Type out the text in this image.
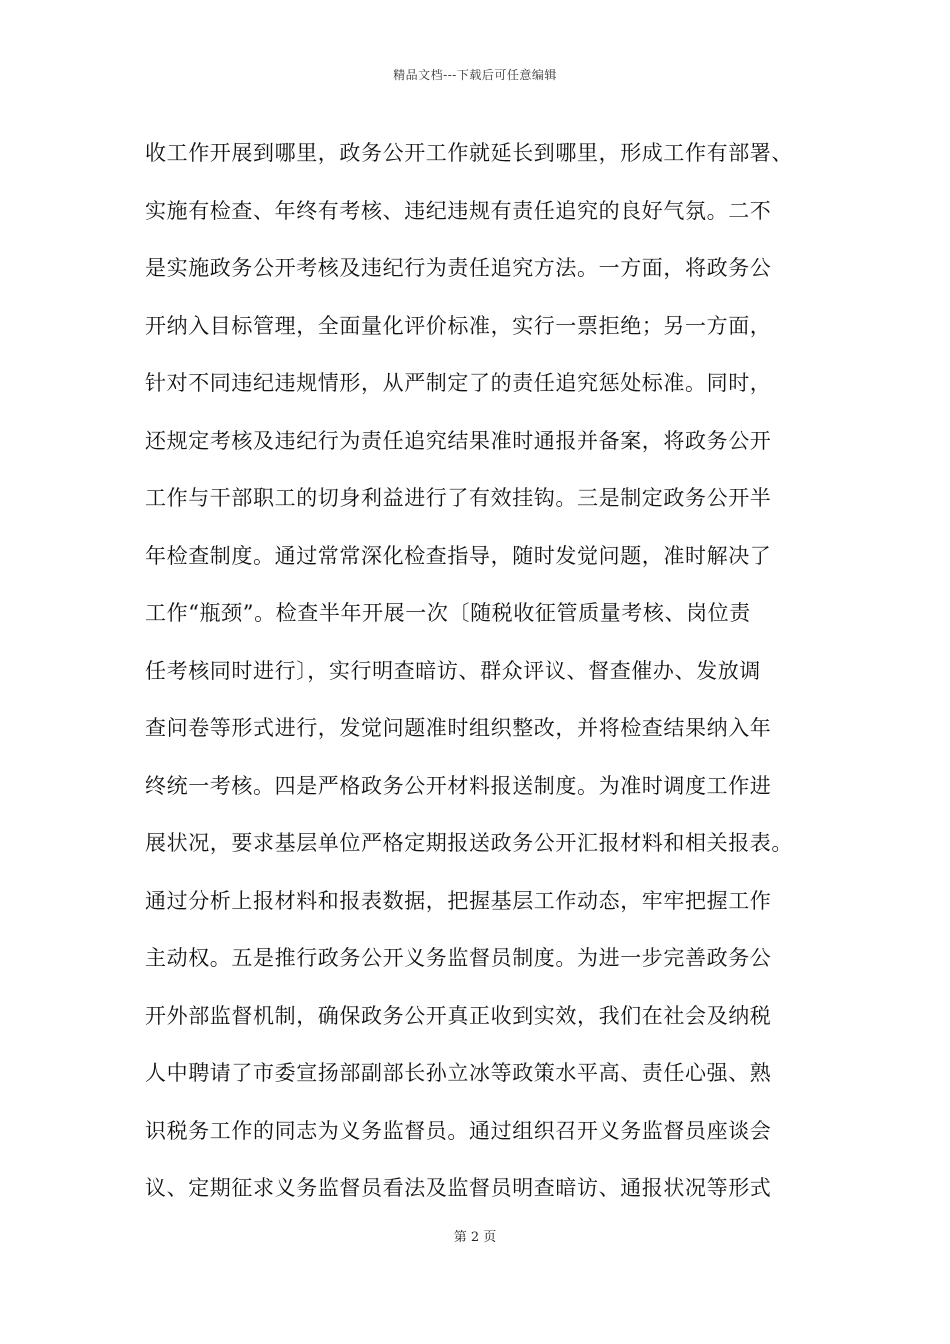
精品文档---下载后可任意编辑
收工作开展到哪里，政务公开工作就延长到哪里，形成工作有部署、
实施有检查、年终有考核、违纪违规有责任追究的良好气氛。二不
是实施政务公开考核及违纪行为责任追究方法。一方面，将政务公
开纳入目标管理，全面量化评价标准，实行一票拒绝；另一方面，
针对不同违纪违规情形，从严制定了的责任追究惩处标准。同时，
还规定考核及违纪行为责任追究结果准时通报并备案，将政务公开
工作与干部职工的切身利益进行了有效挂钩。三是制定政务公开半
年检查制度。通过常常深化检查指导，随时发觉问题，准时解决了
工作“瓶颈”。检查半年开展一次〔随税收征管质量考核、岗位责
任考核同时进行〕，实行明查暗访、群众评议、督查催办、发放调
查问卷等形式进行，发觉问题准时组织整改，并将检查结果纳入年
终统一考核。四是严格政务公开材料报送制度。为准时调度工作进
展状况，要求基层单位严格定期报送政务公开汇报材料和相关报表。
通过分析上报材料和报表数据，把握基层工作动态，牢牢把握工作
主动权。五是推行政务公开义务监督员制度。为进一步完善政务公
开外部监督机制，确保政务公开真正收到实效，我们在社会及纳税
人中聘请了市委宣扬部副部长孙立冰等政策水平高、责任心强、熟
识税务工作的同志为义务监督员。通过组织召开义务监督员座谈会
议、定期征求义务监督员看法及监督员明查暗访、通报状况等形式
第 2 页
